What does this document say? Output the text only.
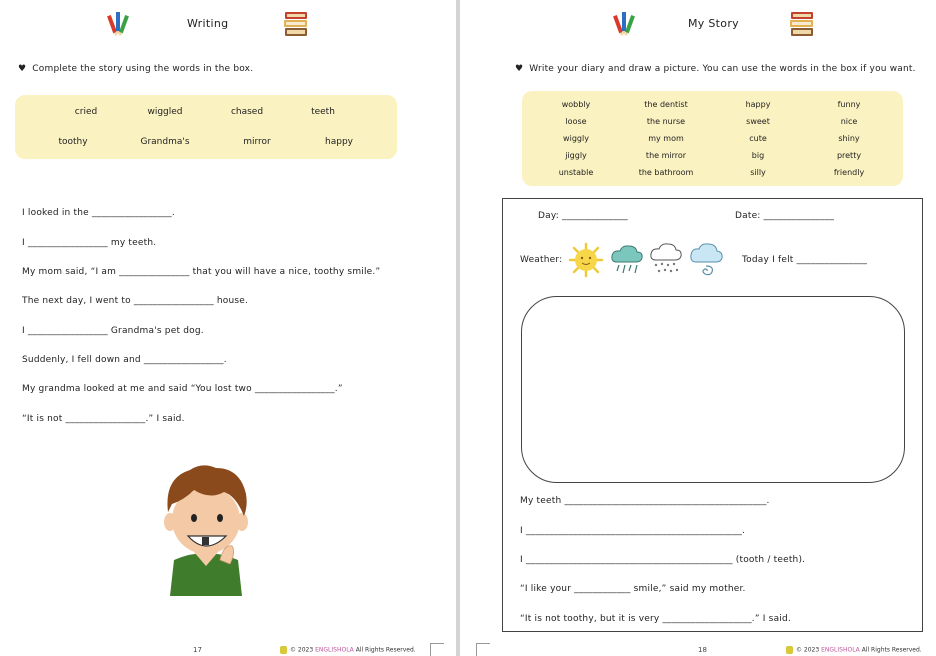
Writing
♥ Complete the story using the words in the box.
cried	wiggled	chased	teeth
toothy	Grandma's	mirror	happy
I looked in the _________________.
I _________________ my teeth.
My mom said, “I am _______________ that you will have a nice, toothy smile.”
The next day, I went to _________________ house.
I _________________ Grandma's pet dog.
Suddenly, I fell down and _________________.
My grandma looked at me and said “You lost two _________________.”
“It is not _________________.” I said.
17	© 2023 ENGLISHOLA All Rights Reserved.
My Story
♥ Write your diary and draw a picture. You can use the words in the box if you want.
wobbly	the dentist	happy	funny
loose	the nurse	sweet	nice
wiggly	my mom	cute	shiny
jiggly	the mirror	big	pretty
unstable	the bathroom	silly	friendly
Day: ______________	Date: _______________
Weather:	Today I felt _______________
My teeth ___________________________________________.
I ______________________________________________.
I ____________________________________________ (tooth / teeth).
“I like your ____________ smile,” said my mother.
“It is not toothy, but it is very ___________________.” I said.
18	© 2023 ENGLISHOLA All Rights Reserved.
